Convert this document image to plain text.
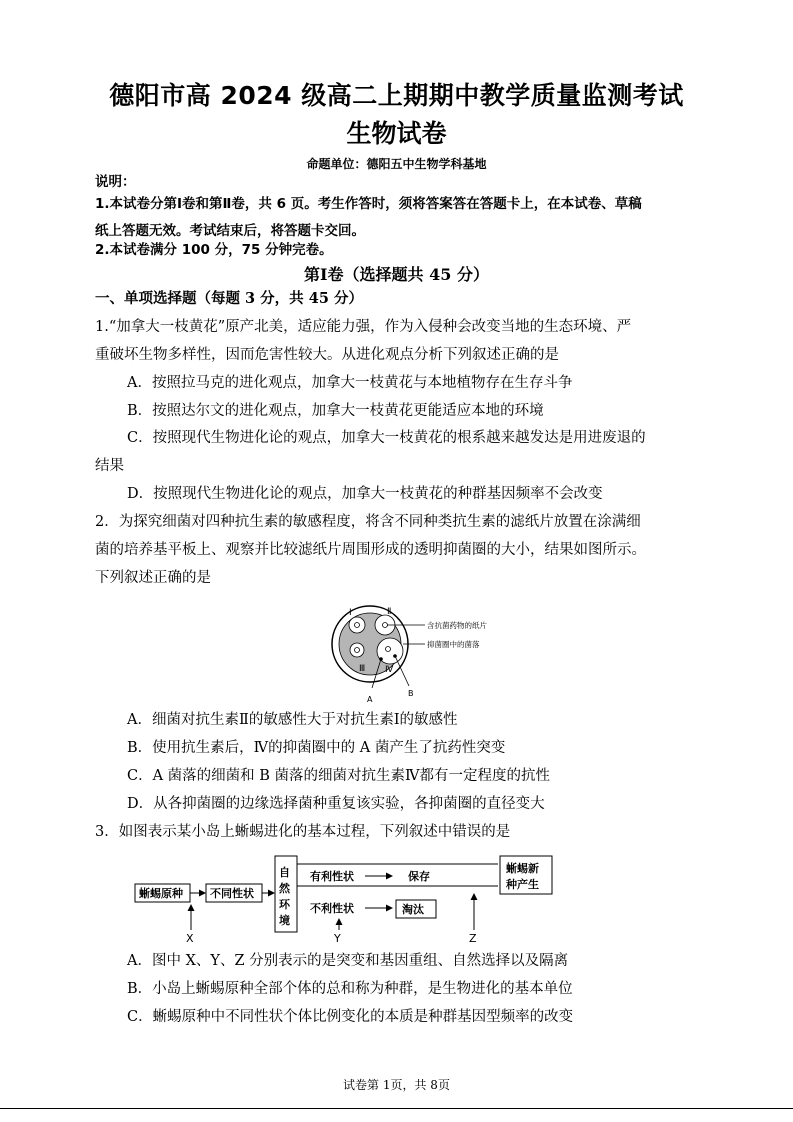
德阳市高 2024 级高二上期期中教学质量监测考试
生物试卷
命题单位：德阳五中生物学科基地
说明：
1.本试卷分第Ⅰ卷和第Ⅱ卷，共 6 页。考生作答时，须将答案答在答题卡上，在本试卷、草稿
纸上答题无效。考试结束后，将答题卡交回。
2.本试卷满分 100 分，75 分钟完卷。
第Ⅰ卷（选择题共 45 分）
一、单项选择题（每题 3 分，共 45 分）
1.“加拿大一枝黄花”原产北美，适应能力强，作为入侵种会改变当地的生态环境、严
重破坏生物多样性，因而危害性较大。从进化观点分析下列叙述正确的是
A．按照拉马克的进化观点，加拿大一枝黄花与本地植物存在生存斗争
B．按照达尔文的进化观点，加拿大一枝黄花更能适应本地的环境
C．按照现代生物进化论的观点，加拿大一枝黄花的根系越来越发达是用进废退的
结果
D．按照现代生物进化论的观点，加拿大一枝黄花的种群基因频率不会改变
2．为探究细菌对四种抗生素的敏感程度，将含不同种类抗生素的滤纸片放置在涂满细
菌的培养基平板上、观察并比较滤纸片周围形成的透明抑菌圈的大小，结果如图所示。
下列叙述正确的是
Ⅰ	Ⅱ
Ⅲ Ⅳ
含抗菌药物的纸片
抑菌圈中的菌落
A
B
A．细菌对抗生素Ⅱ的敏感性大于对抗生素Ⅰ的敏感性
B．使用抗生素后，Ⅳ的抑菌圈中的 A 菌产生了抗药性突变
C．A 菌落的细菌和 B 菌落的细菌对抗生素Ⅳ都有一定程度的抗性
D．从各抑菌圈的边缘选择菌种重复该实验，各抑菌圈的直径变大
3．如图表示某小岛上蜥蜴进化的基本过程，下列叙述中错误的是
蜥蜴原种 不同性状
自
然
环
境
有利性状	保存
不利性状	淘汰
蜥蜴新
种产生
X	Y	Z
A．图中 X、Y、Z 分别表示的是突变和基因重组、自然选择以及隔离
B．小岛上蜥蜴原种全部个体的总和称为种群，是生物进化的基本单位
C．蜥蜴原种中不同性状个体比例变化的本质是种群基因型频率的改变
试卷第 1页，共 8页
